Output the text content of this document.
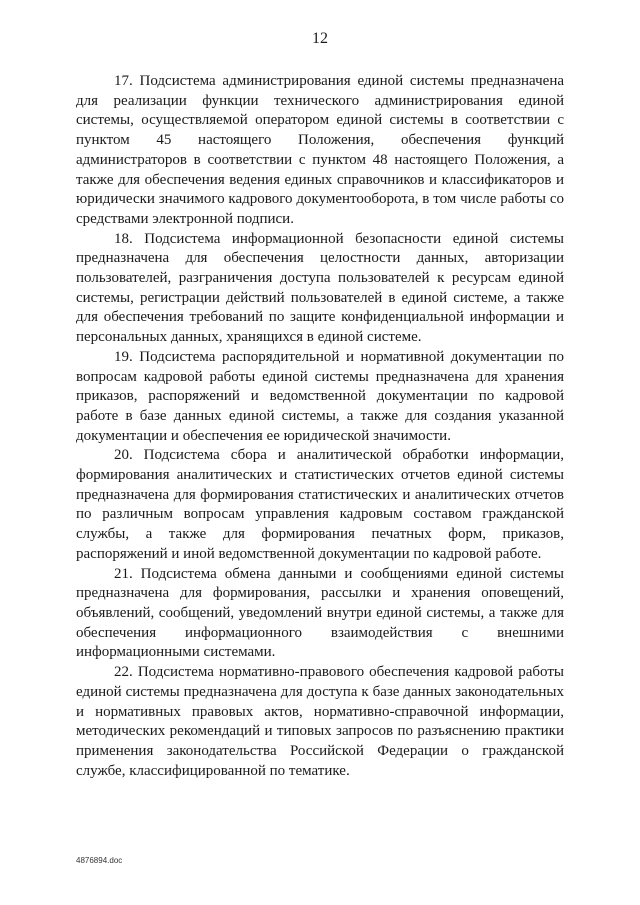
12

17. Подсистема администрирования единой системы предназначена для реализации функции технического администрирования единой системы, осуществляемой оператором единой системы в соответствии с пунктом 45 настоящего Положения, обеспечения функций администраторов в соответствии с пунктом 48 настоящего Положения, а также для обеспечения ведения единых справочников и классификаторов и юридически значимого кадрового документооборота, в том числе работы со средствами электронной подписи.

18. Подсистема информационной безопасности единой системы предназначена для обеспечения целостности данных, авторизации пользователей, разграничения доступа пользователей к ресурсам единой системы, регистрации действий пользователей в единой системе, а также для обеспечения требований по защите конфиденциальной информации и персональных данных, хранящихся в единой системе.

19. Подсистема распорядительной и нормативной документации по вопросам кадровой работы единой системы предназначена для хранения приказов, распоряжений и ведомственной документации по кадровой работе в базе данных единой системы, а также для создания указанной документации и обеспечения ее юридической значимости.

20. Подсистема сбора и аналитической обработки информации, формирования аналитических и статистических отчетов единой системы предназначена для формирования статистических и аналитических отчетов по различным вопросам управления кадровым составом гражданской службы, а также для формирования печатных форм, приказов, распоряжений и иной ведомственной документации по кадровой работе.

21. Подсистема обмена данными и сообщениями единой системы предназначена для формирования, рассылки и хранения оповещений, объявлений, сообщений, уведомлений внутри единой системы, а также для обеспечения информационного взаимодействия с внешними информационными системами.

22. Подсистема нормативно-правового обеспечения кадровой работы единой системы предназначена для доступа к базе данных законодательных и нормативных правовых актов, нормативно-справочной информации, методических рекомендаций и типовых запросов по разъяснению практики применения законодательства Российской Федерации о гражданской службе, классифицированной по тематике.

4876894.doc
